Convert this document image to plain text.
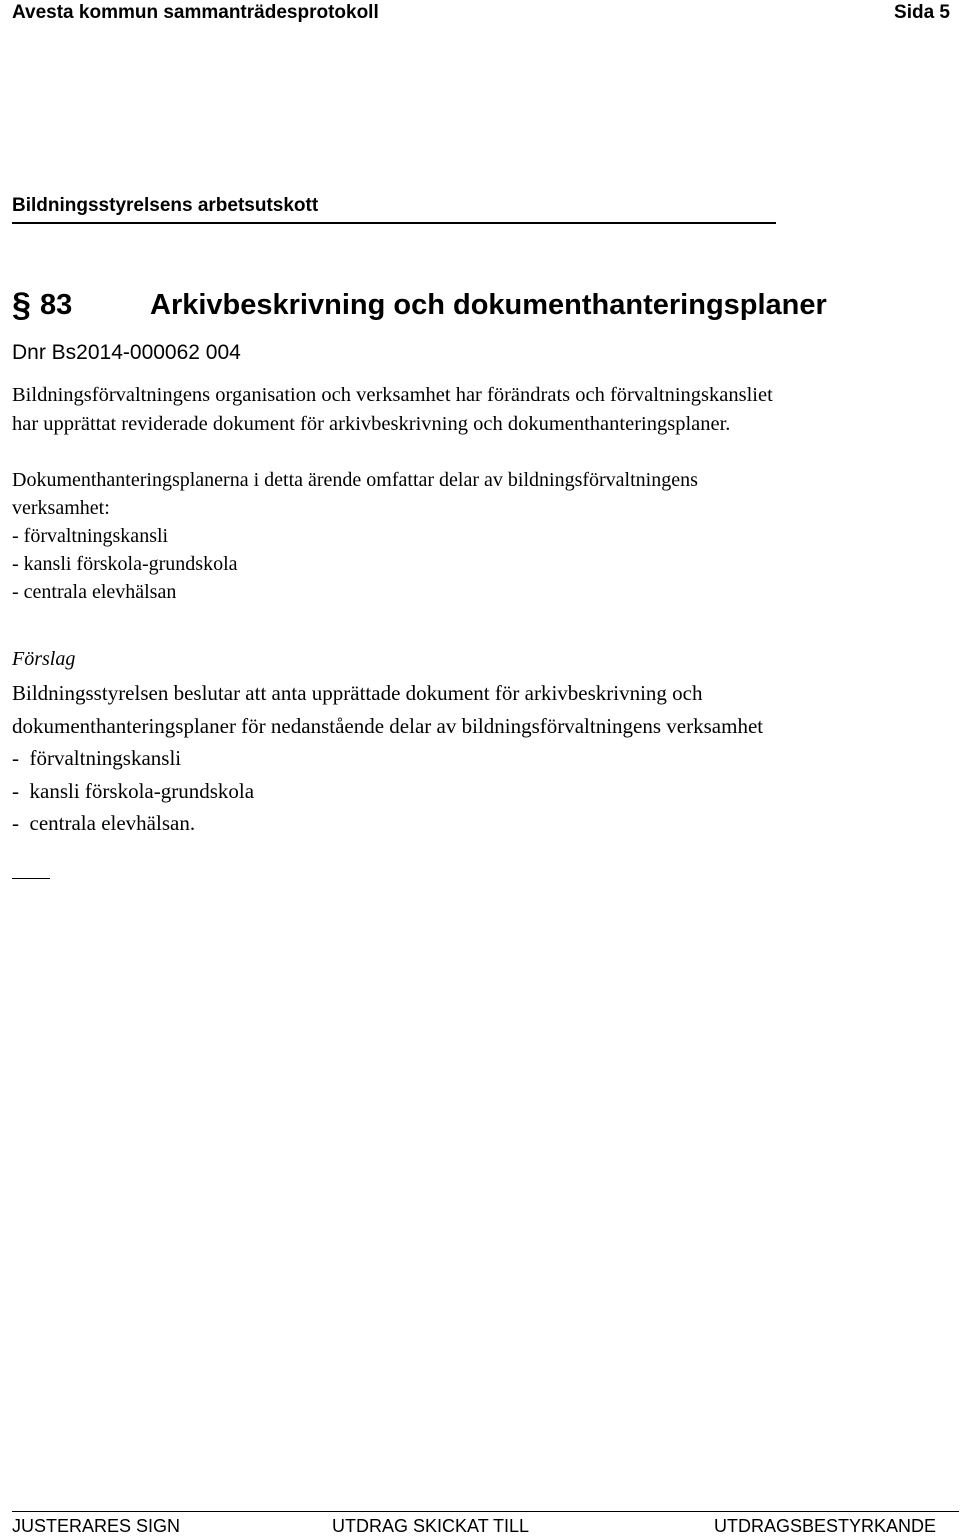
Avesta kommun sammanträdesprotokoll	Sida 5
Bildningsstyrelsens arbetsutskott
§ 83	Arkivbeskrivning och dokumenthanteringsplaner
Dnr Bs2014-000062 004
Bildningsförvaltningens organisation och verksamhet har förändrats och förvaltningskansliet
har upprättat reviderade dokument för arkivbeskrivning och dokumenthanteringsplaner.
Dokumenthanteringsplanerna i detta ärende omfattar delar av bildningsförvaltningens
verksamhet:
- förvaltningskansli
- kansli förskola-grundskola
- centrala elevhälsan
Förslag
Bildningsstyrelsen beslutar att anta upprättade dokument för arkivbeskrivning och
dokumenthanteringsplaner för nedanstående delar av bildningsförvaltningens verksamhet
-  förvaltningskansli
-  kansli förskola-grundskola
-  centrala elevhälsan.
JUSTERARES SIGN	UTDRAG SKICKAT TILL	UTDRAGSBESTYRKANDE
